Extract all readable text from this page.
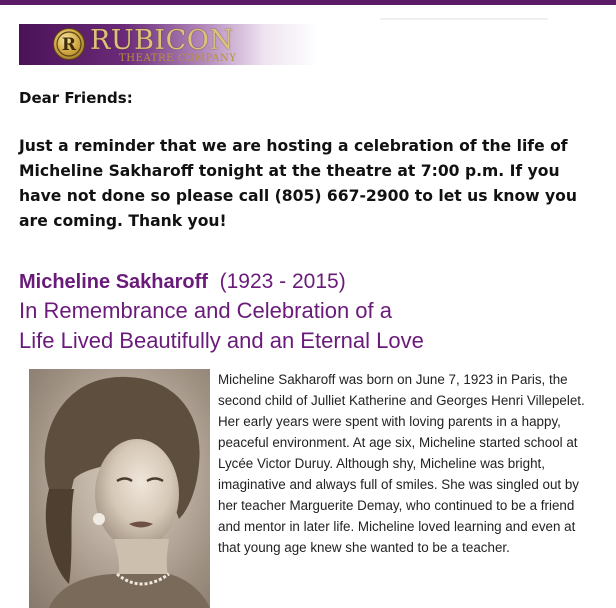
R RUBICON
THEATRE COMPANY
Dear Friends:
Just a reminder that we are hosting a celebration of the life of Micheline Sakharoff tonight at the theatre at 7:00 p.m. If you have not done so please call (805) 667-2900 to let us know you are coming. Thank you!
Micheline Sakharoff (1923 - 2015)
In Remembrance and Celebration of a
Life Lived Beautifully and an Eternal Love
Micheline Sakharoff was born on June 7, 1923 in Paris, the second child of Julliet Katherine and Georges Henri Villepelet. Her early years were spent with loving parents in a happy, peaceful environment. At age six, Micheline started school at Lycée Victor Duruy. Although shy, Micheline was bright, imaginative and always full of smiles. She was singled out by her teacher Marguerite Demay, who continued to be a friend and mentor in later life. Micheline loved learning and even at that young age knew she wanted to be a teacher.
